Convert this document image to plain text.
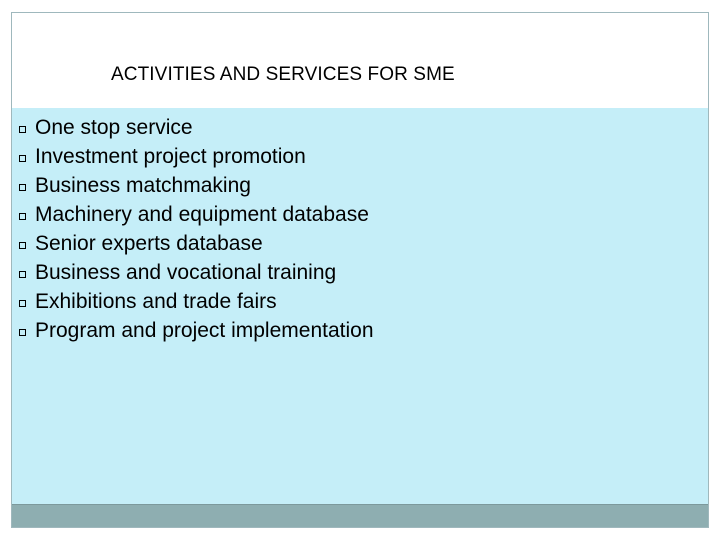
ACTIVITIES AND SERVICES FOR SME
One stop service
Investment project promotion
Business matchmaking
Machinery and equipment database
Senior experts database
Business and vocational training
Exhibitions and trade fairs
Program and project implementation
